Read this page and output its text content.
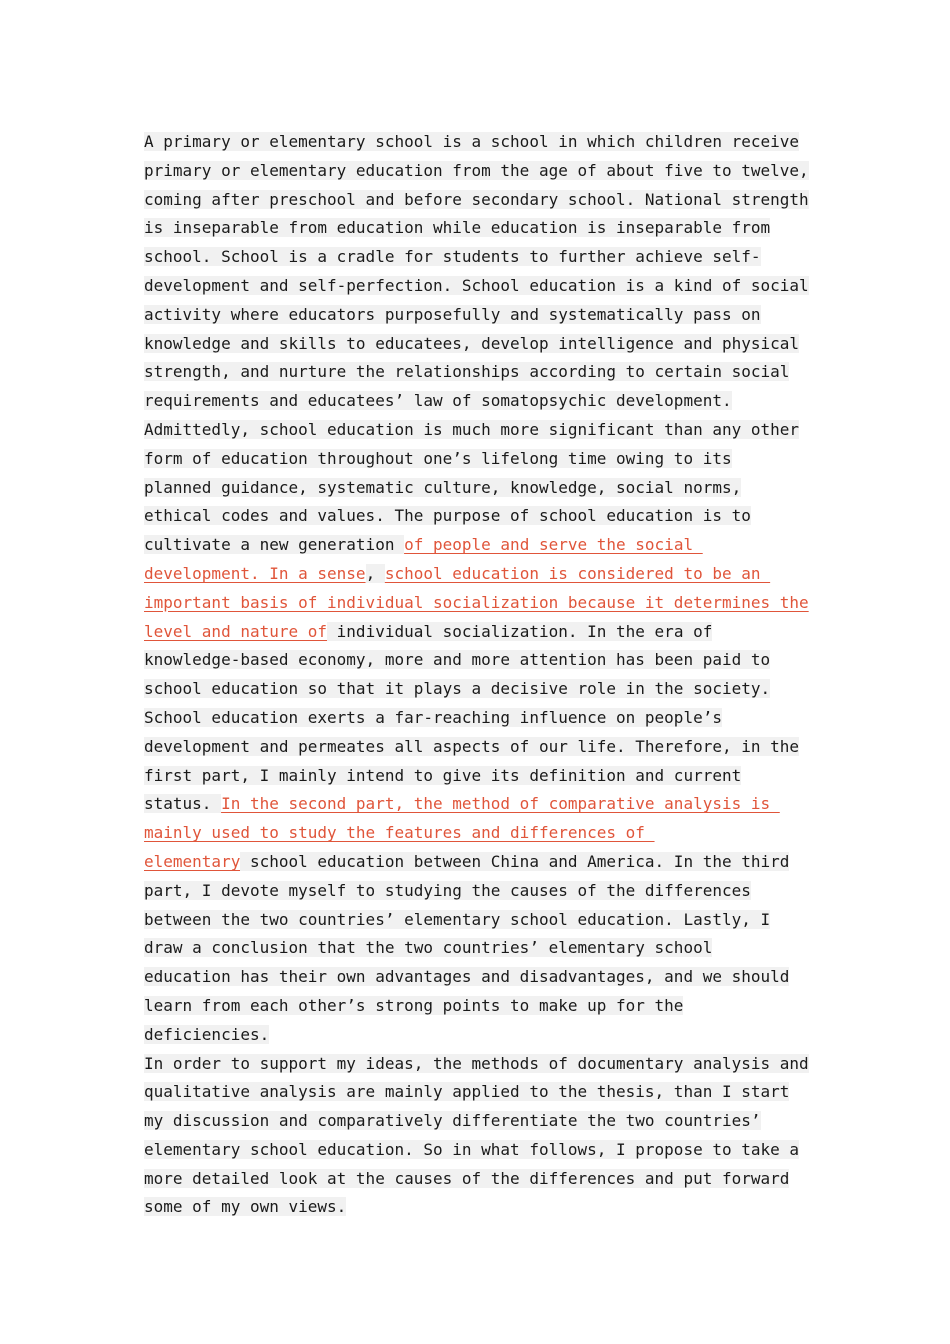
A primary or elementary school is a school in which children receive
primary or elementary education from the age of about five to twelve,
coming after preschool and before secondary school. National strength
is inseparable from education while education is inseparable from
school. School is a cradle for students to further achieve self-
development and self-perfection. School education is a kind of social
activity where educators purposefully and systematically pass on
knowledge and skills to educatees, develop intelligence and physical
strength, and nurture the relationships according to certain social
requirements and educatees’ law of somatopsychic development.
Admittedly, school education is much more significant than any other
form of education throughout one’s lifelong time owing to its
planned guidance, systematic culture, knowledge, social norms,
ethical codes and values. The purpose of school education is to
cultivate a new generation of people and serve the social
development. In a sense, school education is considered to be an
important basis of individual socialization because it determines the
level and nature of individual socialization. In the era of
knowledge-based economy, more and more attention has been paid to
school education so that it plays a decisive role in the society.
School education exerts a far-reaching influence on people’s
development and permeates all aspects of our life. Therefore, in the
first part, I mainly intend to give its definition and current
status. In the second part, the method of comparative analysis is
mainly used to study the features and differences of
elementary school education between China and America. In the third
part, I devote myself to studying the causes of the differences
between the two countries’ elementary school education. Lastly, I
draw a conclusion that the two countries’ elementary school
education has their own advantages and disadvantages, and we should
learn from each other’s strong points to make up for the
deficiencies.
In order to support my ideas, the methods of documentary analysis and
qualitative analysis are mainly applied to the thesis, than I start
my discussion and comparatively differentiate the two countries’
elementary school education. So in what follows, I propose to take a
more detailed look at the causes of the differences and put forward
some of my own views.
